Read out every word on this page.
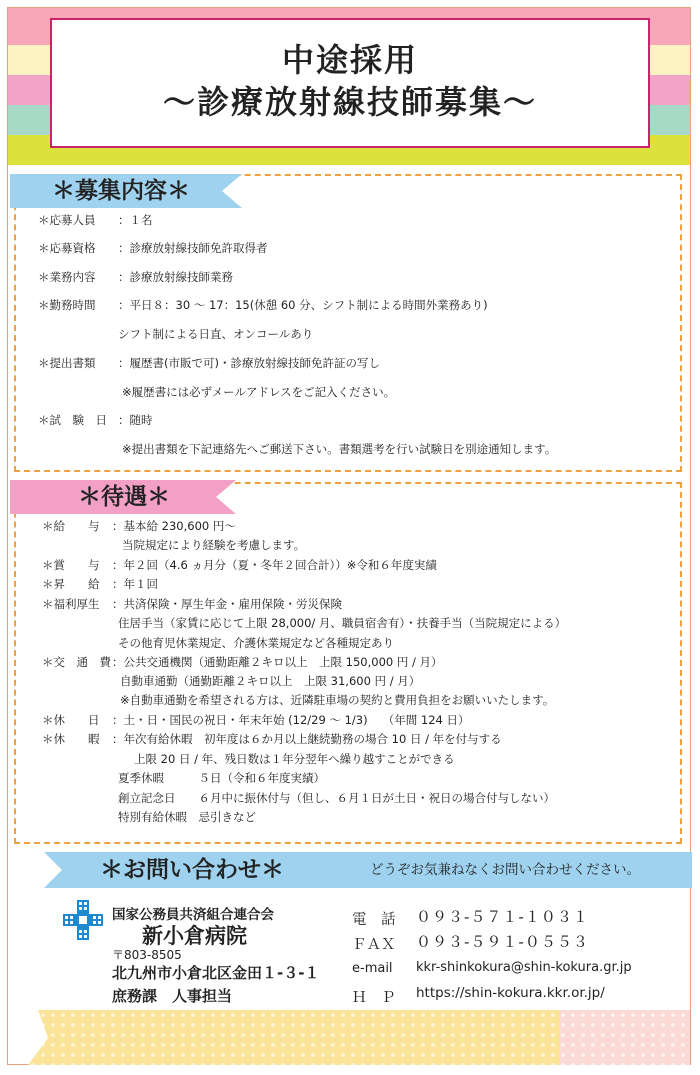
中途採用
～診療放射線技師募集～
＊募集内容＊
＊応募人員 ：１名
＊応募資格 ：診療放射線技師免許取得者
＊業務内容 ：診療放射線技師業務
＊勤務時間 ：平日８：30 ～ 17：15(休憩 60 分、シフト制による時間外業務あり)
シフト制による日直、オンコールあり
＊提出書類 ：履歴書(市販で可)・診療放射線技師免許証の写し
※履歴書には必ずメールアドレスをご記入ください。
＊試　験　日 ：随時
※提出書類を下記連絡先へご郵送下さい。書類選考を行い試験日を別途通知します。
＊待遇＊
＊給　　与 ：基本給 230,600 円～
当院規定により経験を考慮します。
＊賞　　与 ：年２回（4.6 ヵ月分（夏・冬年２回合計））※令和６年度実績
＊昇　　給 ：年１回
＊福利厚生 ：共済保険・厚生年金・雇用保険・労災保険
住居手当（家賃に応じて上限 28,000/ 月、職員宿舎有）・扶養手当（当院規定による）
その他育児休業規定、介護休業規定など各種規定あり
＊交　通　費 ：公共交通機関（通勤距離２キロ以上　上限 150,000 円 / 月）
自動車通勤（通勤距離２キロ以上　上限 31,600 円 / 月）
※自動車通勤を希望される方は、近隣駐車場の契約と費用負担をお願いいたします。
＊休　　日 ：土・日・国民の祝日・年末年始 (12/29 ～ 1/3)　 （年間 124 日）
＊休　　暇 ：年次有給休暇　初年度は６か月以上継続勤務の場合 10 日 / 年を付与する
上限 20 日 / 年、残日数は１年分翌年へ繰り越すことができる
夏季休暇　　　５日（令和６年度実績）
創立記念日　　６月中に振休付与（但し、６月１日が土日・祝日の場合付与しない）
特別有給休暇　忌引きなど
＊お問い合わせ＊	どうぞお気兼ねなくお問い合わせください。
国家公務員共済組合連合会
新小倉病院
〒803-8505
北九州市小倉北区金田１-３-１
庶務課　人事担当
電　話 ０９３-５７１-１０３１
ＦＡＸ ０９３-５９１-０５５３
e-mail kkr-shinkokura@shin-kokura.gr.jp
Ｈ　Ｐ https://shin-kokura.kkr.or.jp/
